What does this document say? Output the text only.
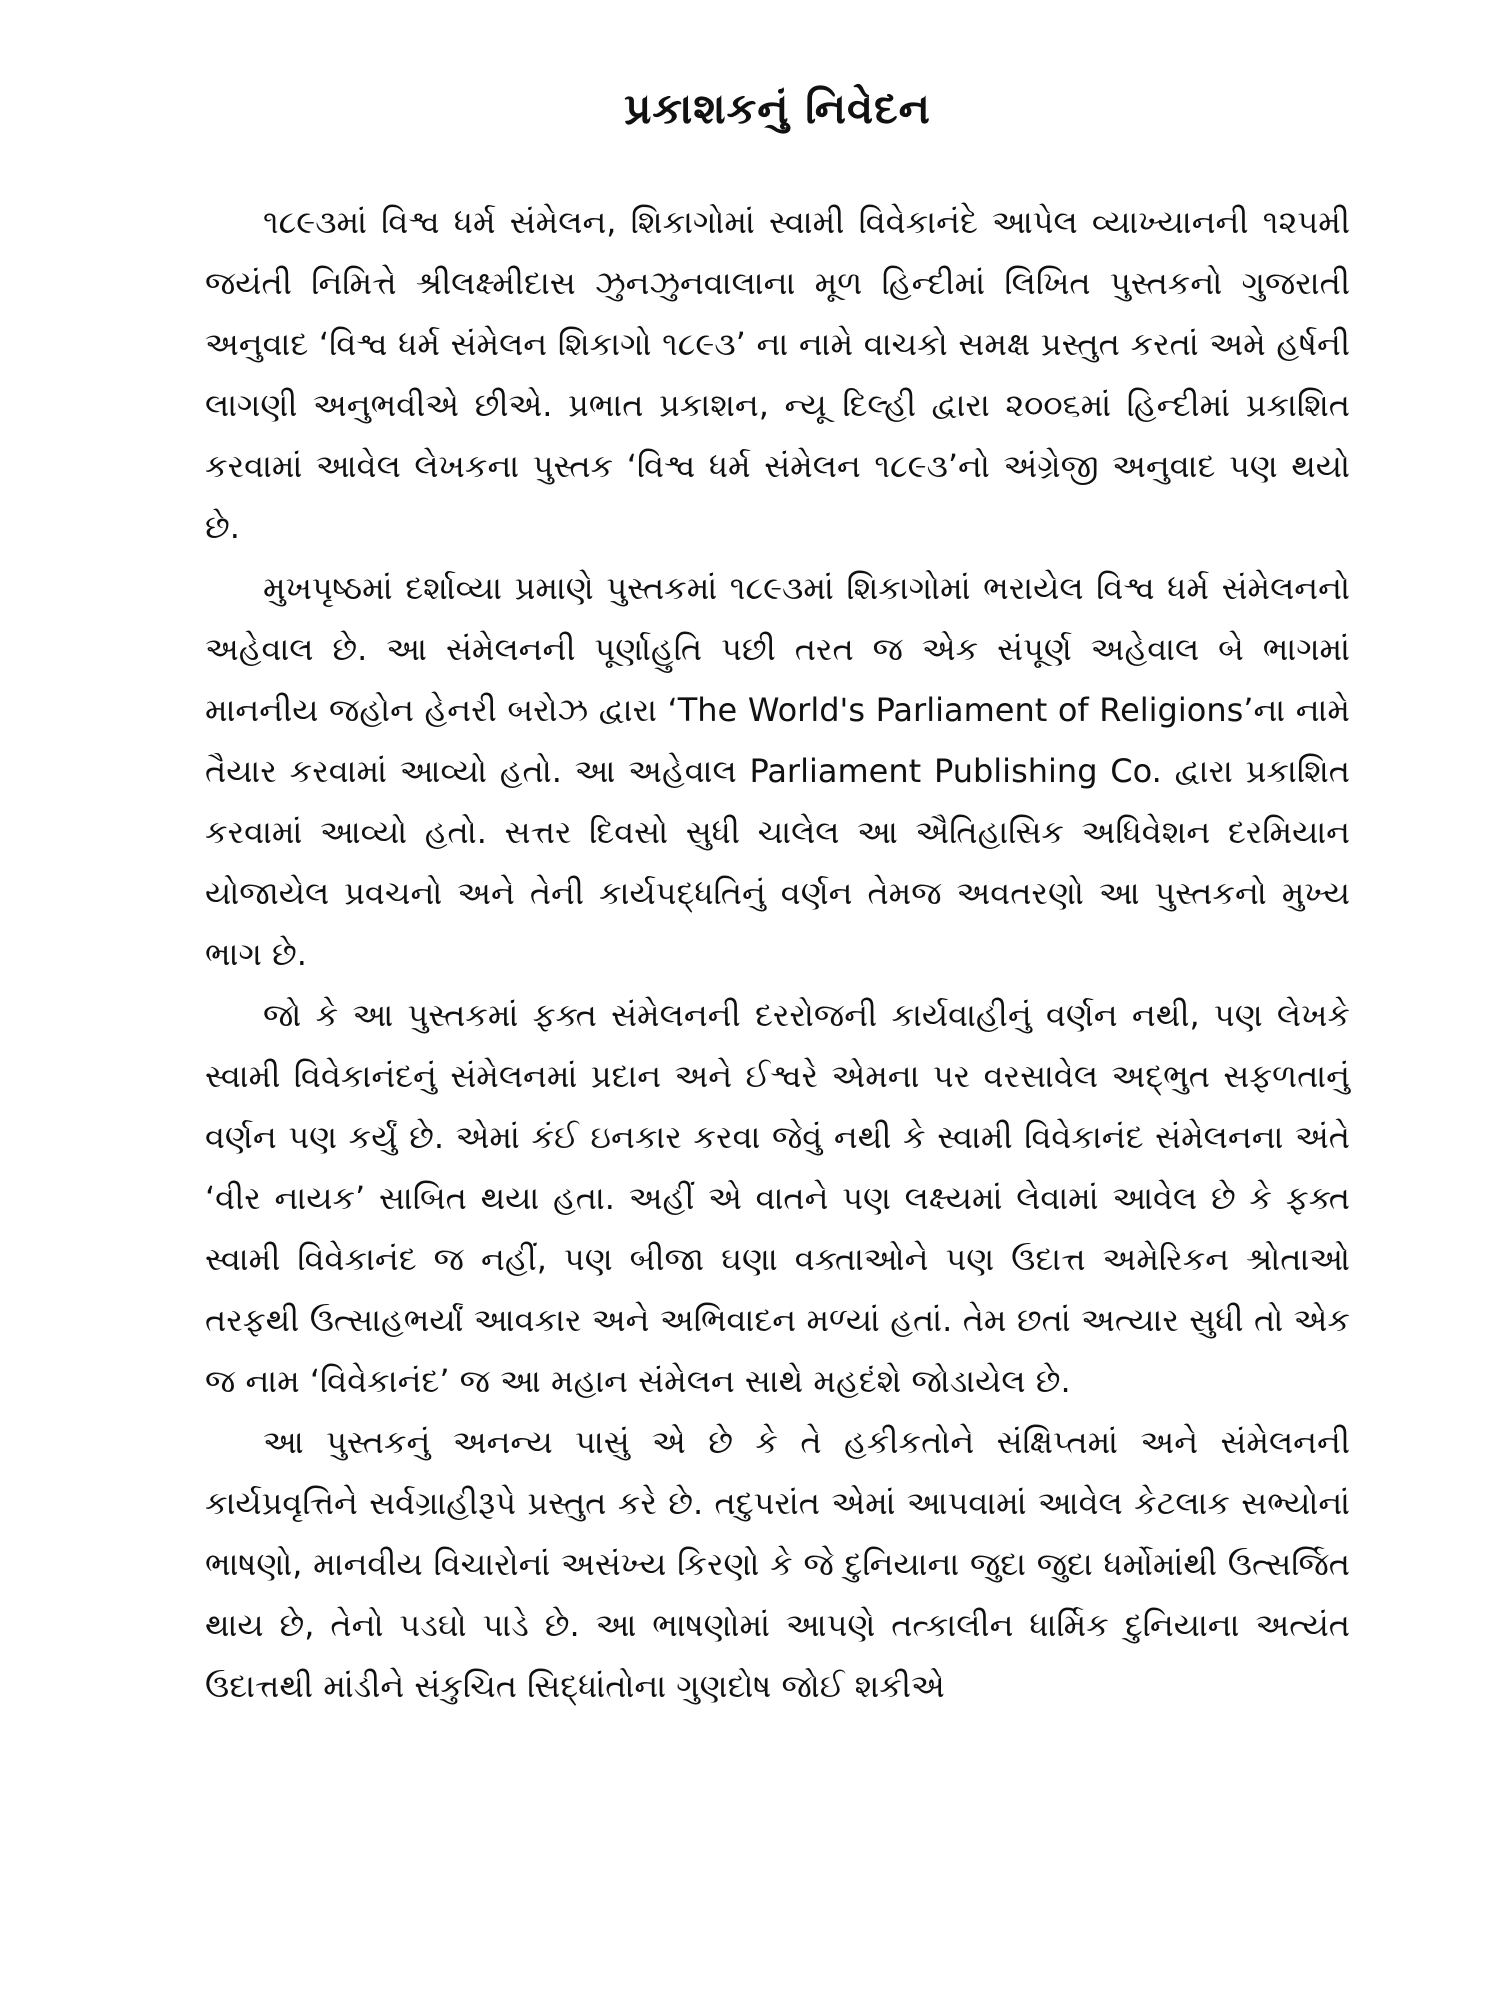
પ્રકાશકનું નિવેદન

૧૮૯૩માં વિશ્વ ધર્મ સંમેલન, શિકાગોમાં સ્વામી વિવેકાનંદે આપેલ વ્યાખ્યાનની ૧૨૫મી જયંતી નિમિત્તે શ્રીલક્ષ્મીદાસ ઝુનઝુનવાલાના મૂળ હિન્દીમાં લિખિત પુસ્તકનો ગુજરાતી અનુવાદ ‘વિશ્વ ધર્મ સંમેલન શિકાગો ૧૮૯૩’ ના નામે વાચકો સમક્ષ પ્રસ્તુત કરતાં અમે હર્ષની લાગણી અનુભવીએ છીએ. પ્રભાત પ્રકાશન, ન્યૂ દિલ્હી દ્વારા ૨૦૦૬માં હિન્દીમાં પ્રકાશિત કરવામાં આવેલ લેખકના પુસ્તક ‘વિશ્વ ધર્મ સંમેલન ૧૮૯૩’નો અંગ્રેજી અનુવાદ પણ થયો છે.

મુખપૃષ્ઠમાં દર્શાવ્યા પ્રમાણે પુસ્તકમાં ૧૮૯૩માં શિકાગોમાં ભરાયેલ વિશ્વ ધર્મ સંમેલનનો અહેવાલ છે. આ સંમેલનની પૂર્ણાહુતિ પછી તરત જ એક સંપૂર્ણ અહેવાલ બે ભાગમાં માનનીય જહોન હેનરી બરોઝ દ્વારા ‘The World's Parliament of Religions’ના નામે તૈયાર કરવામાં આવ્યો હતો. આ અહેવાલ Parliament Publishing Co. દ્વારા પ્રકાશિત કરવામાં આવ્યો હતો. સત્તર દિવસો સુધી ચાલેલ આ ઐતિહાસિક અધિવેશન દરમિયાન યોજાયેલ પ્રવચનો અને તેની કાર્યપદ્ધતિનું વર્ણન તેમજ અવતરણો આ પુસ્તકનો મુખ્ય ભાગ છે.

જો કે આ પુસ્તકમાં ફક્ત સંમેલનની દરરોજની કાર્યવાહીનું વર્ણન નથી, પણ લેખકે સ્વામી વિવેકાનંદનું સંમેલનમાં પ્રદાન અને ઈશ્વરે એમના પર વરસાવેલ અદ્ભુત સફળતાનું વર્ણન પણ કર્યું છે. એમાં કંઈ ઇનકાર કરવા જેવું નથી કે સ્વામી વિવેકાનંદ સંમેલનના અંતે ‘વીર નાયક’ સાબિત થયા હતા. અહીં એ વાતને પણ લક્ષ્યમાં લેવામાં આવેલ છે કે ફક્ત સ્વામી વિવેકાનંદ જ નહીં, પણ બીજા ઘણા વક્તાઓને પણ ઉદાત્ત અમેરિકન શ્રોતાઓ તરફથી ઉત્સાહભર્યાં આવકાર અને અભિવાદન મળ્યાં હતાં. તેમ છતાં અત્યાર સુધી તો એક જ નામ ‘વિવેકાનંદ’ જ આ મહાન સંમેલન સાથે મહદંશે જોડાયેલ છે.

આ પુસ્તકનું અનન્ય પાસું એ છે કે તે હકીકતોને સંક્ષિપ્તમાં અને સંમેલનની કાર્યપ્રવૃત્તિને સર્વગ્રાહીરૂપે પ્રસ્તુત કરે છે. તદુપરાંત એમાં આપવામાં આવેલ કેટલાક સભ્યોનાં ભાષણો, માનવીય વિચારોનાં અસંખ્ય કિરણો કે જે દુનિયાના જુદા જુદા ધર્મોમાંથી ઉત્સર્જિત થાય છે, તેનો પડઘો પાડે છે. આ ભાષણોમાં આપણે તત્કાલીન ધાર્મિક દુનિયાના અત્યંત ઉદાત્તથી માંડીને સંકુચિત સિદ્ધાંતોના ગુણદોષ જોઈ શકીએ
